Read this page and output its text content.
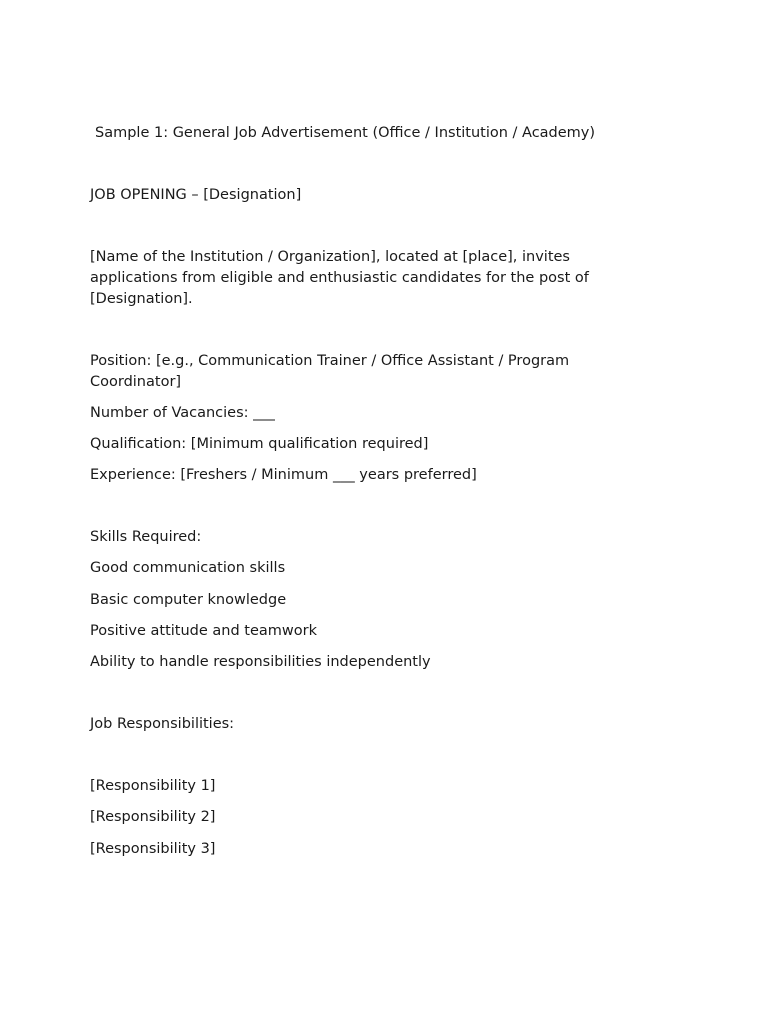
Sample 1: General Job Advertisement (Office / Institution / Academy)

JOB OPENING – [Designation]

[Name of the Institution / Organization], located at [place], invites applications from eligible and enthusiastic candidates for the post of [Designation].

Position: [e.g., Communication Trainer / Office Assistant / Program Coordinator]

Number of Vacancies: ___

Qualification: [Minimum qualification required]

Experience: [Freshers / Minimum ___ years preferred]

Skills Required:

Good communication skills

Basic computer knowledge

Positive attitude and teamwork

Ability to handle responsibilities independently

Job Responsibilities:

[Responsibility 1]

[Responsibility 2]

[Responsibility 3]
